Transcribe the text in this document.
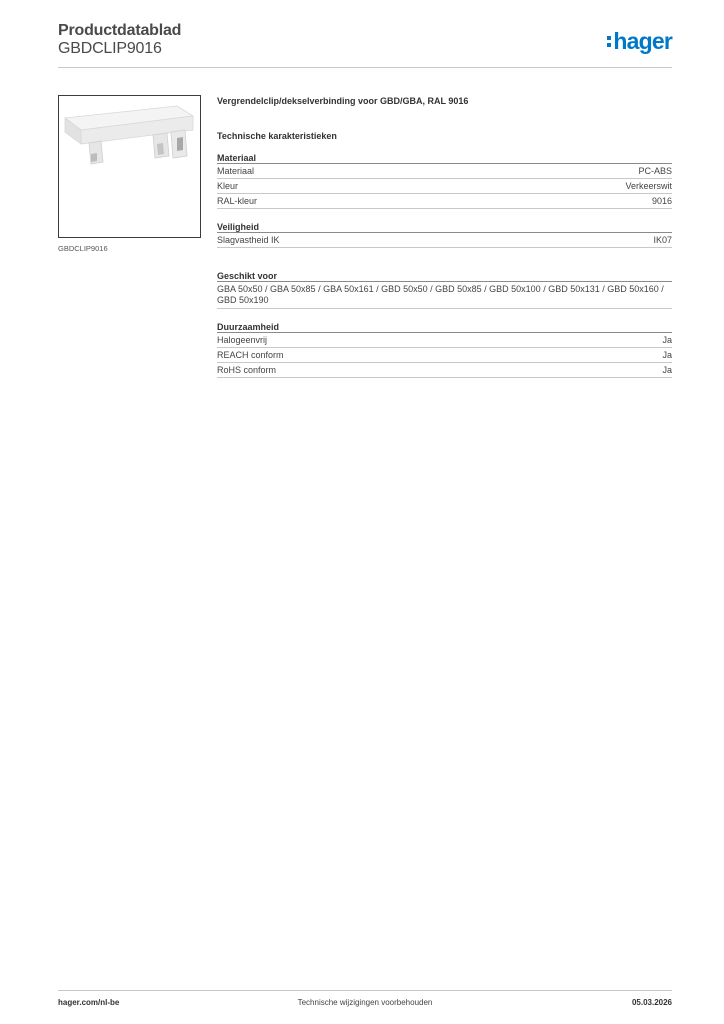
Productdatablad
GBDCLIP9016	hager
GBDCLIP9016
Vergrendelclip/dekselverbinding voor GBD/GBA, RAL 9016
Technische karakteristieken
Materiaal
Materiaal	PC-ABS
Kleur	Verkeerswit
RAL-kleur	9016
Veiligheid
Slagvastheid IK	IK07
Geschikt voor
GBA 50x50 / GBA 50x85 / GBA 50x161 / GBD 50x50 / GBD 50x85 / GBD 50x100 / GBD 50x131 / GBD 50x160 / GBD 50x190
Duurzaamheid
Halogeenvrij	Ja
REACH conform	Ja
RoHS conform	Ja
hager.com/nl-be	Technische wijzigingen voorbehouden	05.03.2026
